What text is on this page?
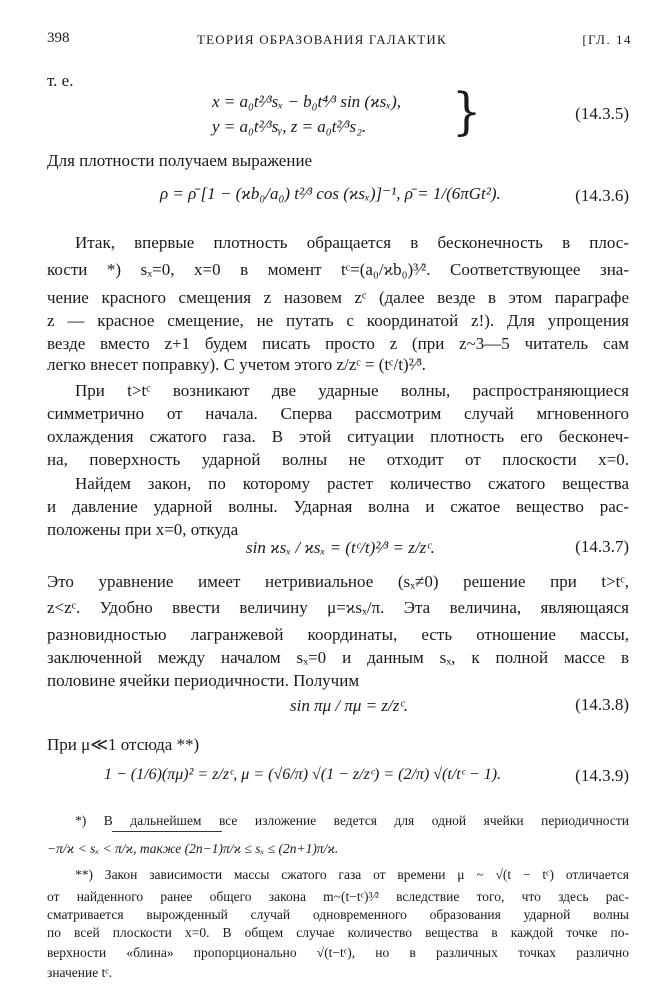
398	ТЕОРИЯ ОБРАЗОВАНИЯ ГАЛАКТИК	[ГЛ. 14
т. е.
x = a₀t²⁄³sₓ − b₀t⁴⁄³ sin (ϰsₓ),
y = a₀t²⁄³sᵧ, z = a₀t²⁄³s₂. }	(14.3.5)
Для плотности получаем выражение
ρ = ρ̄ [1 − (ϰb₀/a₀) t²⁄³ cos (ϰsₓ)]⁻¹, ρ̄ = 1/(6πGt²).	(14.3.6)
Итак, впервые плотность обращается в бесконечность в плос-
кости *) sₓ=0, x=0 в момент tᶜ=(a₀/ϰb₀)³⁄². Соответствующее зна-
чение красного смещения z назовем zᶜ (далее везде в этом параграфе
z — красное смещение, не путать с координатой z!). Для упрощения
везде вместо z+1 будем писать просто z (при z~3—5 читатель сам
легко внесет поправку). С учетом этого z/zᶜ = (tᶜ/t)²⁄³.
При t>tᶜ возникают две ударные волны, распространяющиеся
симметрично от начала. Сперва рассмотрим случай мгновенного
охлаждения сжатого газа. В этой ситуации плотность его бесконеч-
на, поверхность ударной волны не отходит от плоскости x=0.
Найдем закон, по которому растет количество сжатого вещества
и давление ударной волны. Ударная волна и сжатое вещество рас-
положены при x=0, откуда
sin ϰsₓ / ϰsₓ = (tᶜ/t)²⁄³ = z/zᶜ.	(14.3.7)
Это уравнение имеет нетривиальное (sₓ≠0) решение при t>tᶜ,
z<zᶜ. Удобно ввести величину μ=ϰsₓ/π. Эта величина, являющаяся
разновидностью лагранжевой координаты, есть отношение массы,
заключенной между началом sₓ=0 и данным sₓ, к полной массе в
половине ячейки периодичности. Получим
sin πμ / πμ = z/zᶜ.	(14.3.8)
При μ≪1 отсюда **)
1 − (1/6)(πμ)² = z/zᶜ, μ = (√6/π) √(1 − z/zᶜ) = (2/π) √(t/tᶜ − 1).	(14.3.9)
*) В дальнейшем все изложение ведется для одной ячейки периодичности
−π/ϰ < sₓ < π/ϰ, также (2n−1)π/ϰ ≤ sₓ ≤ (2n+1)π/ϰ.
**) Закон зависимости массы сжатого газа от времени μ ~ √(t − tᶜ) отличается
от найденного ранее общего закона m~(t−tᶜ)³⁄² вследствие того, что здесь рас-
сматривается вырожденный случай одновременного образования ударной волны
по всей плоскости x=0. В общем случае количество вещества в каждой точке по-
верхности «блина» пропорционально √(t−tᶜ), но в различных точках различно
значение tᶜ.
